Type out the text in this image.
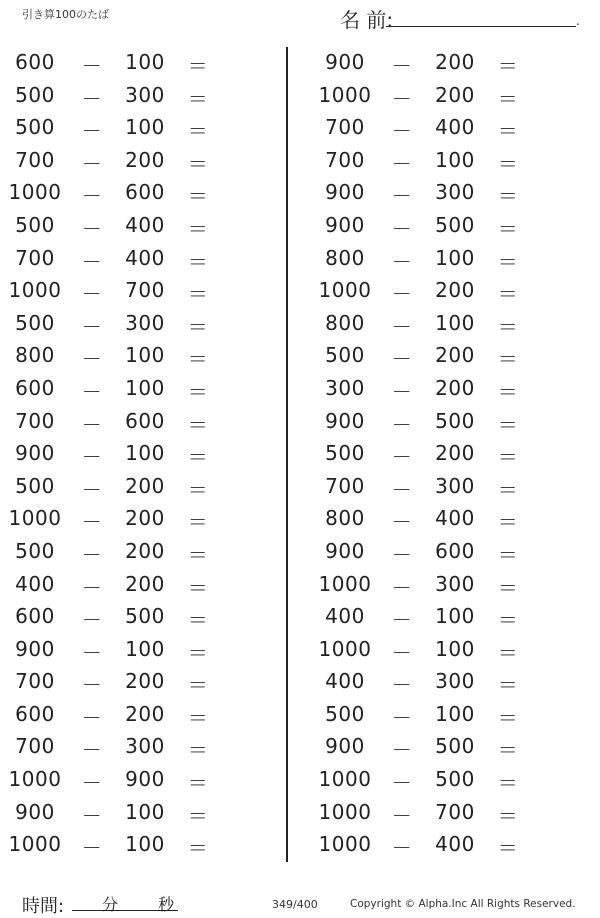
引き算100のたば	名 前:	.
600	－	100	＝
500	－	300	＝
500	－	100	＝
700	－	200	＝
1000 －	600	＝
500	－	400	＝
700	－	400	＝
1000 －	700	＝
500	－	300	＝
800	－	100	＝
600	－	100	＝
700	－	600	＝
900	－	100	＝
500	－	200	＝
1000 －	200	＝
500	－	200	＝
400	－	200	＝
600	－	500	＝
900	－	100	＝
700	－	200	＝
600	－	200	＝
700	－	300	＝
1000 －	900	＝
900	－	100	＝
1000 －	100	＝
900	－	200	＝
1000 －	200	＝
700	－	400	＝
700	－	100	＝
900	－	300	＝
900	－	500	＝
800	－	100	＝
1000 －	200	＝
800	－	100	＝
500	－	200	＝
300	－	200	＝
900	－	500	＝
500	－	200	＝
700	－	300	＝
800	－	400	＝
900	－	600	＝
1000 －	300	＝
400	－	100	＝
1000 －	100	＝
400	－	300	＝
500	－	100	＝
900	－	500	＝
1000 －	500	＝
1000 －	700	＝
1000 －	400	＝
時間: 分 秒	349/400	Copyright © Alpha.Inc All Rights Reserved.
